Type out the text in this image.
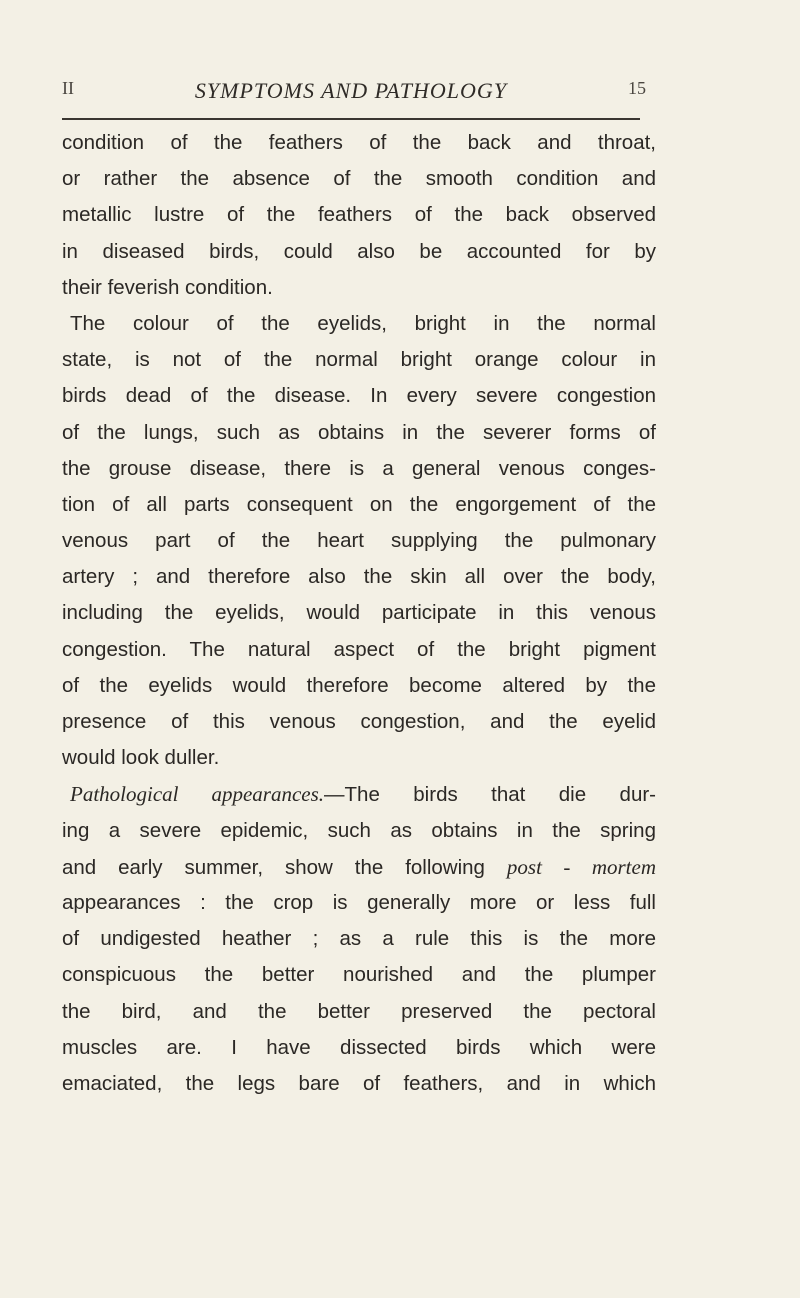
II	SYMPTOMS AND PATHOLOGY	15
condition of the feathers of the back and throat,
or rather the absence of the smooth condition and
metallic lustre of the feathers of the back observed
in diseased birds, could also be accounted for by
their feverish condition.
The colour of the eyelids, bright in the normal
state, is not of the normal bright orange colour in
birds dead of the disease. In every severe congestion
of the lungs, such as obtains in the severer forms of
the grouse disease, there is a general venous conges-
tion of all parts consequent on the engorgement of the
venous part of the heart supplying the pulmonary
artery ; and therefore also the skin all over the body,
including the eyelids, would participate in this venous
congestion. The natural aspect of the bright pigment
of the eyelids would therefore become altered by the
presence of this venous congestion, and the eyelid
would look duller.
Pathological appearances.—The birds that die dur-
ing a severe epidemic, such as obtains in the spring
and early summer, show the following post - mortem
appearances : the crop is generally more or less full
of undigested heather ; as a rule this is the more
conspicuous the better nourished and the plumper
the bird, and the better preserved the pectoral
muscles are. I have dissected birds which were
emaciated, the legs bare of feathers, and in which
